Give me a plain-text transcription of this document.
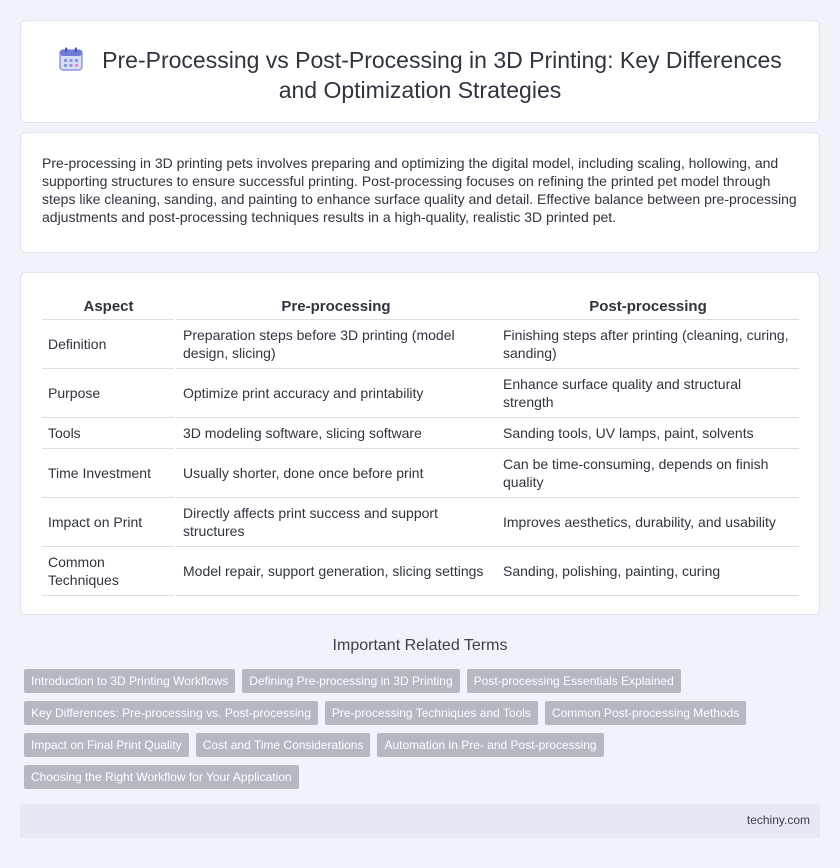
Pre-Processing vs Post-Processing in 3D Printing: Key Differences and Optimization Strategies

Pre-processing in 3D printing pets involves preparing and optimizing the digital model, including scaling, hollowing, and supporting structures to ensure successful printing. Post-processing focuses on refining the printed pet model through steps like cleaning, sanding, and painting to enhance surface quality and detail. Effective balance between pre-processing adjustments and post-processing techniques results in a high-quality, realistic 3D printed pet.

Aspect	Pre-processing	Post-processing
Definition	Preparation steps before 3D printing (model design, slicing)	Finishing steps after printing (cleaning, curing, sanding)
Purpose	Optimize print accuracy and printability	Enhance surface quality and structural strength
Tools	3D modeling software, slicing software	Sanding tools, UV lamps, paint, solvents
Time Investment	Usually shorter, done once before print	Can be time-consuming, depends on finish quality
Impact on Print	Directly affects print success and support structures	Improves aesthetics, durability, and usability
Common Techniques	Model repair, support generation, slicing settings	Sanding, polishing, painting, curing
Important Related Terms
Introduction to 3D Printing Workflows	Defining Pre-processing in 3D Printing	Post-processing Essentials Explained
Key Differences: Pre-processing vs. Post-processing	Pre-processing Techniques and Tools	Common Post-processing Methods
Impact on Final Print Quality	Cost and Time Considerations	Automation in Pre- and Post-processing
Choosing the Right Workflow for Your Application
techiny.com
